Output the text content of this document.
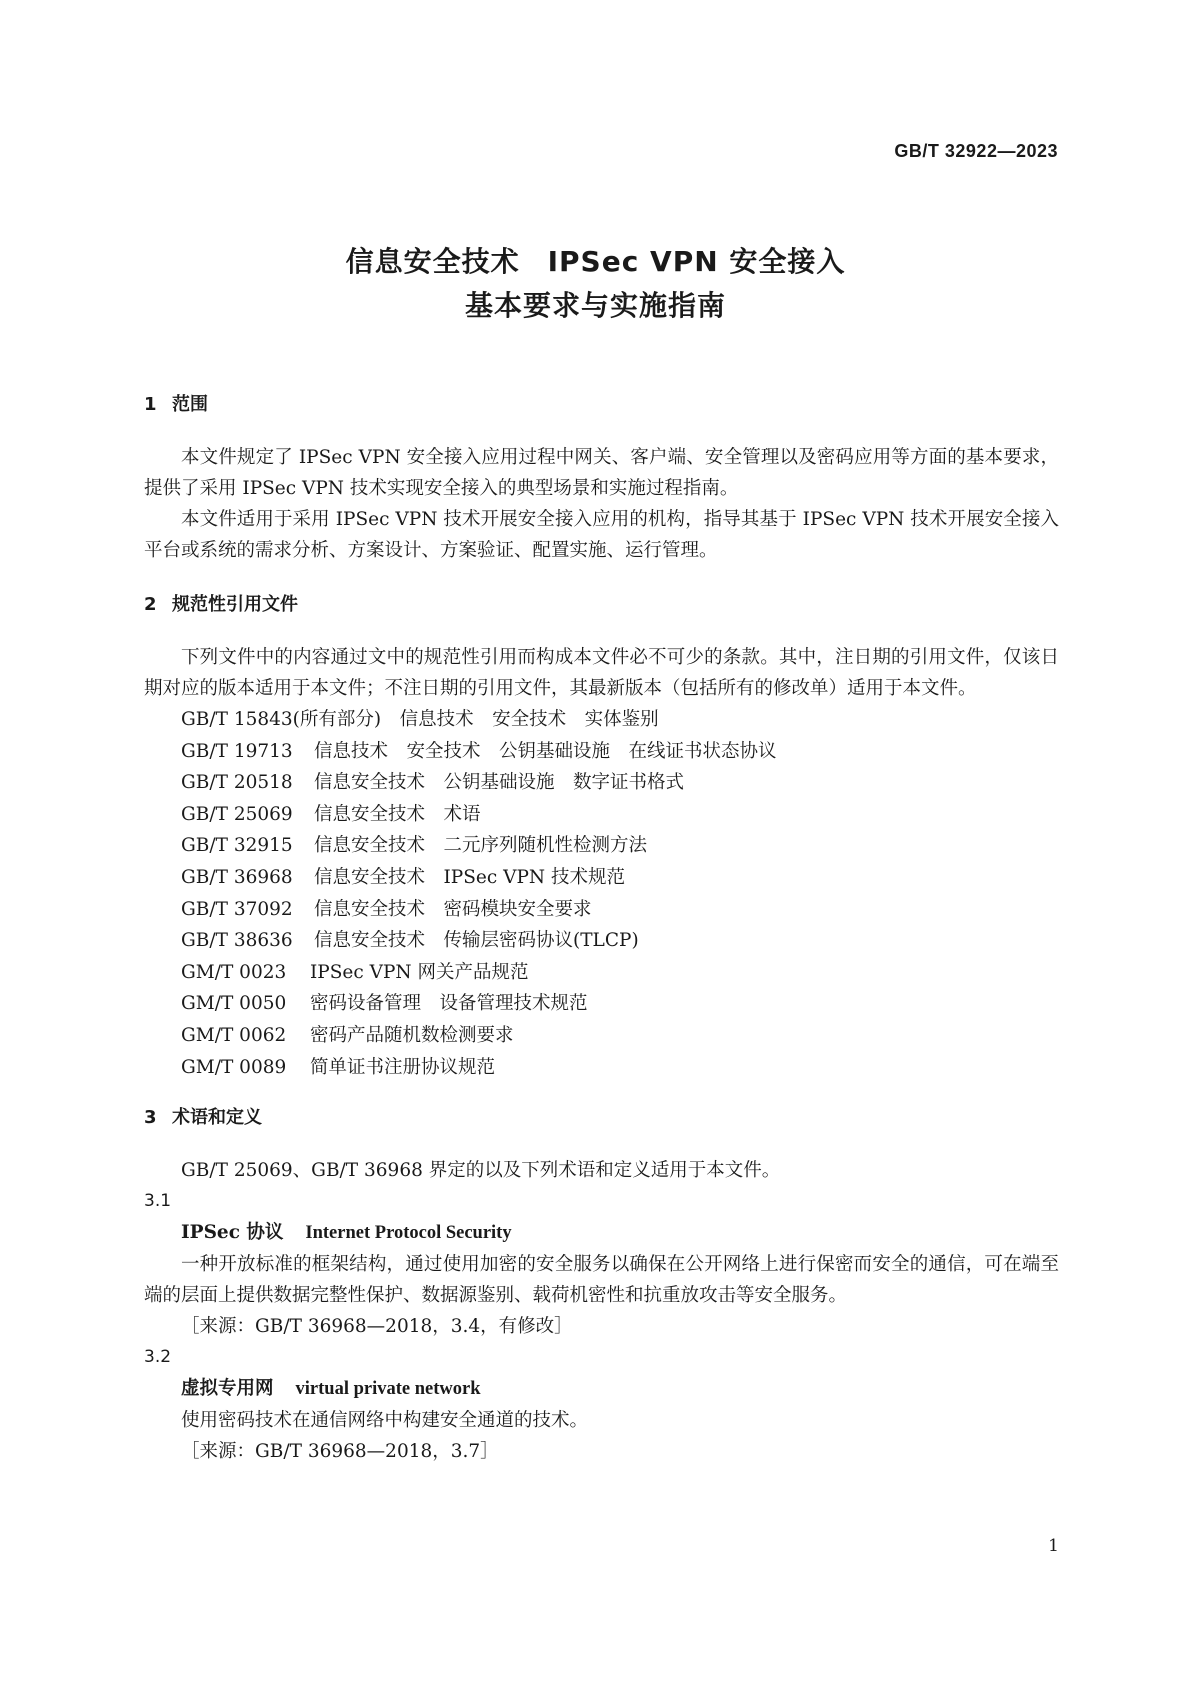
GB/T 32922—2023
信息安全技术 IPSec VPN 安全接入
基本要求与实施指南
1 范围

本文件规定了 IPSec VPN 安全接入应用过程中网关、客户端、安全管理以及密码应用等方面的基本要求，提供了采用 IPSec VPN 技术实现安全接入的典型场景和实施过程指南。

本文件适用于采用 IPSec VPN 技术开展安全接入应用的机构，指导其基于 IPSec VPN 技术开展安全接入平台或系统的需求分析、方案设计、方案验证、配置实施、运行管理。

2 规范性引用文件

下列文件中的内容通过文中的规范性引用而构成本文件必不可少的条款。其中，注日期的引用文件，仅该日期对应的版本适用于本文件；不注日期的引用文件，其最新版本（包括所有的修改单）适用于本文件。

GB/T 15843(所有部分)　 信息技术　安全技术　实体鉴别

GB/T 19713 信息技术　安全技术　公钥基础设施　在线证书状态协议

GB/T 20518 信息安全技术　公钥基础设施　数字证书格式

GB/T 25069 信息安全技术　术语

GB/T 32915 信息安全技术　二元序列随机性检测方法

GB/T 36968 信息安全技术　IPSec VPN 技术规范

GB/T 37092 信息安全技术　密码模块安全要求

GB/T 38636 信息安全技术　传输层密码协议(TLCP)

GM/T 0023 IPSec VPN 网关产品规范

GM/T 0050 密码设备管理　设备管理技术规范

GM/T 0062 密码产品随机数检测要求

GM/T 0089 简单证书注册协议规范

3 术语和定义

GB/T 25069、GB/T 36968 界定的以及下列术语和定义适用于本文件。

3.1

IPSec 协议 Internet Protocol Security

一种开放标准的框架结构，通过使用加密的安全服务以确保在公开网络上进行保密而安全的通信，可在端至端的层面上提供数据完整性保护、数据源鉴别、载荷机密性和抗重放攻击等安全服务。

［来源：GB/T 36968—2018，3.4，有修改］

3.2

虚拟专用网 virtual private network

使用密码技术在通信网络中构建安全通道的技术。

［来源：GB/T 36968—2018，3.7］

1
